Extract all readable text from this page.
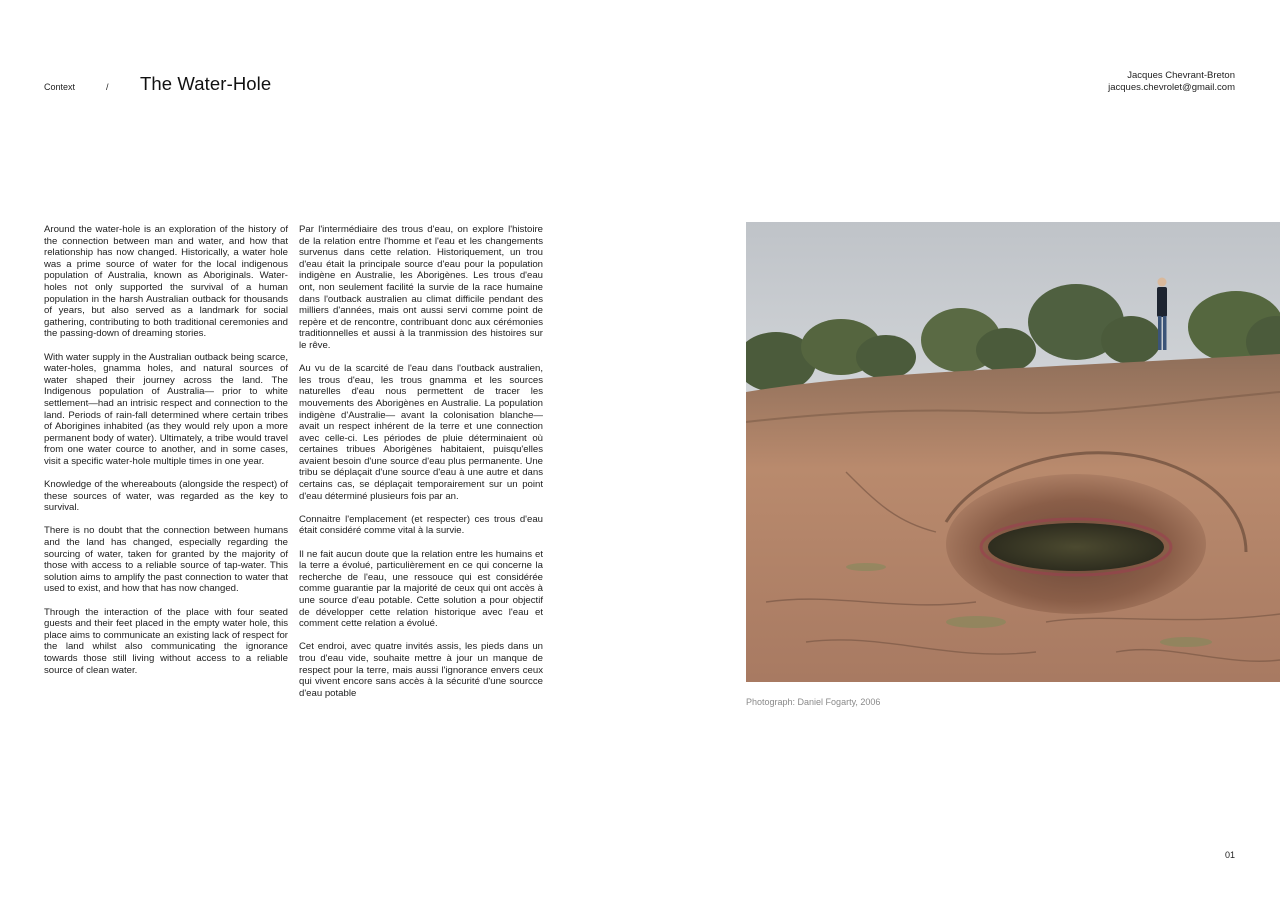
Context	/ The Water-Hole	Jacques Chevrant-Breton
jacques.chevrolet@gmail.com

Around the water-hole is an exploration of the history of the connection between man and water, and how that relationship has now changed. Historically, a water hole was a prime source of water for the local indigenous population of Australia, known as Aboriginals. Water-holes not only supported the survival of a human population in the harsh Australian outback for thousands of years, but also served as a landmark for social gathering, contributing to both traditional ceremonies and the passing-down of dreaming stories.

With water supply in the Australian outback being scarce, water-holes, gnamma holes, and natural sources of water shaped their journey across the land. The Indigenous population of Australia— prior to white settlement—had an intrisic respect and connection to the land. Periods of rain-fall determined where certain tribes of Aborigines inhabited (as they would rely upon a more permanent body of water). Ultimately, a tribe would travel from one water cource to another, and in some cases, visit a specific water-hole multiple times in one year.

Knowledge of the whereabouts (alongside the respect) of these sources of water, was regarded as the key to survival.

There is no doubt that the connection between humans and the land has changed, especially regarding the sourcing of water, taken for granted by the majority of those with access to a reliable source of tap-water. This solution aims to amplify the past connection to water that used to exist, and how that has now changed.

Through the interaction of the place with four seated guests and their feet placed in the empty water hole, this place aims to communicate an existing lack of respect for the land whilst also communicating the ignorance towards those still living without access to a reliable source of clean water.

Par l'intermédiaire des trous d'eau, on explore l'histoire de la relation entre l'homme et l'eau et les changements survenus dans cette relation. Historiquement, un trou d'eau était la principale source d'eau pour la population indigène en Australie, les Aborigènes. Les trous d'eau ont, non seulement facilité la survie de la race humaine dans l'outback australien au climat difficile pendant des milliers d'années, mais ont aussi servi comme point de repère et de rencontre, contribuant donc aux cérémonies traditionnelles et aussi à la tranmission des histoires sur le rêve.

Au vu de la scarcité de l'eau dans l'outback australien, les trous d'eau, les trous gnamma et les sources naturelles d'eau nous permettent de tracer les mouvements des Aborigènes en Australie. La population indigène d'Australie— avant la colonisation blanche—avait un respect inhérent de la terre et une connection avec celle-ci. Les périodes de pluie déterminaient où certaines tribues Aborigènes habitaient, puisqu'elles avaient besoin d'une source d'eau plus permanente. Une tribu se déplaçait d'une source d'eau à une autre et dans certains cas, se déplaçait temporairement sur un point d'eau déterminé plusieurs fois par an.

Connaitre l'emplacement (et respecter) ces trous d'eau était considéré comme vital à la survie.

Il ne fait aucun doute que la relation entre les humains et la terre a évolué, particulièrement en ce qui concerne la recherche de l'eau, une ressouce qui est considérée comme guarantie par la majorité de ceux qui ont accès à une source d'eau potable. Cette solution a pour objectif de développer cette relation historique avec l'eau et comment cette relation a évolué.

Cet endroi, avec quatre invités assis, les pieds dans un trou d'eau vide, souhaite mettre à jour un manque de respect pour la terre, mais aussi l'ignorance envers ceux qui vivent encore sans accès à la sécurité d'une sourcce d'eau potable

Photograph: Daniel Fogarty, 2006
01
